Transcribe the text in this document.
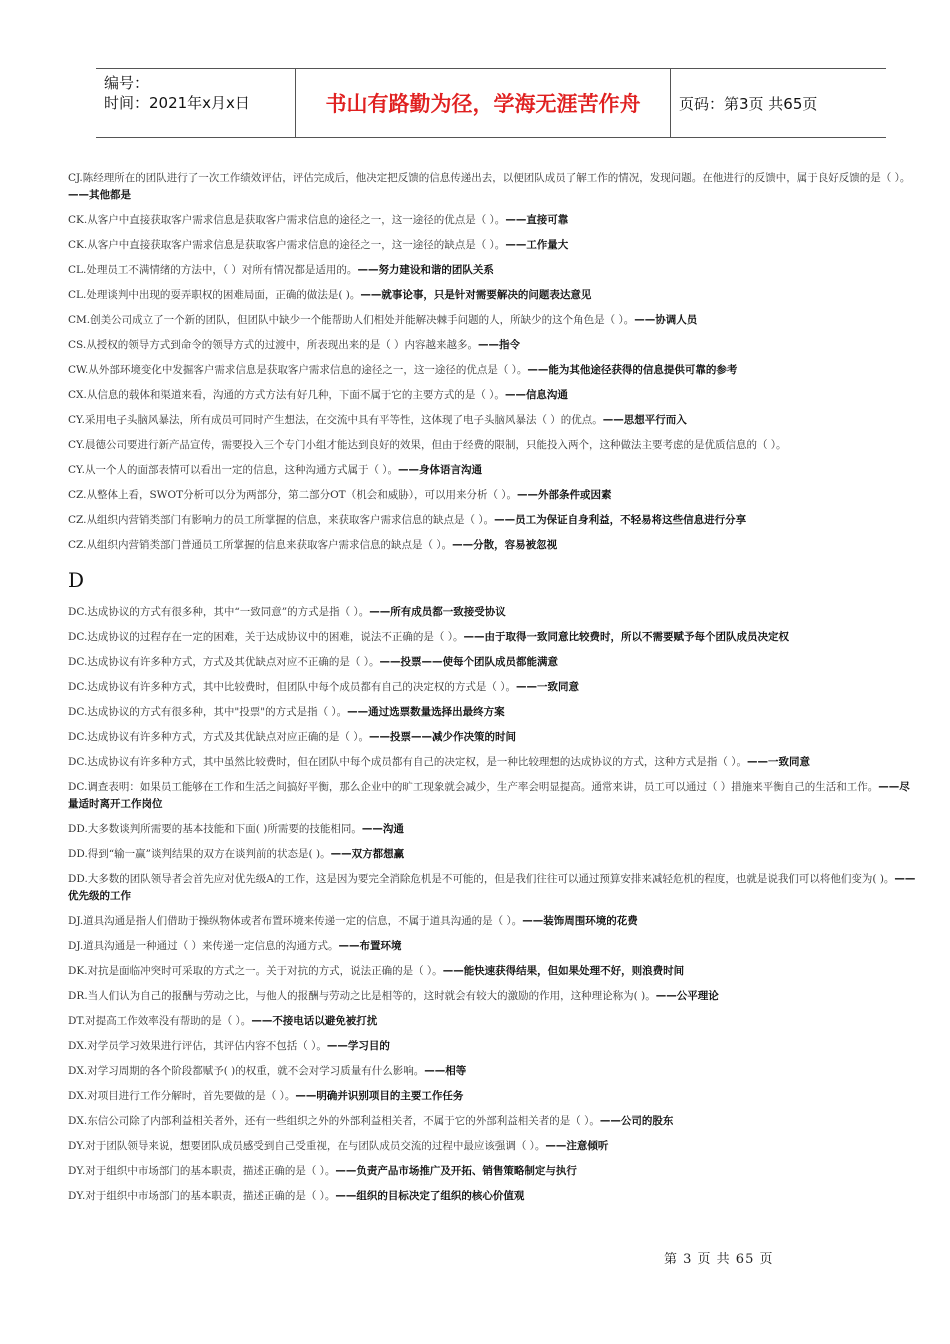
编号：
时间：2021年x月x日	书山有路勤为径，学海无涯苦作舟	页码：第3页 共65页
CJ.陈经理所在的团队进行了一次工作绩效评估，评估完成后，他决定把反馈的信息传递出去，以便团队成员了解工作的情况，发现问题。在他进行的反馈中，属于良好反馈的是（ ）。——其他都是
CK.从客户中直接获取客户需求信息是获取客户需求信息的途径之一，这一途径的优点是（ ）。——直接可靠
CK.从客户中直接获取客户需求信息是获取客户需求信息的途径之一，这一途径的缺点是（ ）。——工作量大
CL.处理员工不满情绪的方法中，（ ）对所有情况都是适用的。——努力建设和谐的团队关系
CL.处理谈判中出现的耍弄职权的困难局面，正确的做法是( )。——就事论事，只是针对需要解决的问题表达意见
CM.创美公司成立了一个新的团队，但团队中缺少一个能帮助人们相处并能解决棘手问题的人，所缺少的这个角色是（ ）。——协调人员
CS.从授权的领导方式到命令的领导方式的过渡中，所表现出来的是（ ）内容越来越多。——指令
CW.从外部环境变化中发掘客户需求信息是获取客户需求信息的途径之一，这一途径的优点是（ ）。——能为其他途径获得的信息提供可靠的参考
CX.从信息的载体和渠道来看，沟通的方式方法有好几种，下面不属于它的主要方式的是（ ）。——信息沟通
CY.采用电子头脑风暴法，所有成员可同时产生想法，在交流中具有平等性，这体现了电子头脑风暴法（ ）的优点。——思想平行而入
CY.晨德公司要进行新产品宣传，需要投入三个专门小组才能达到良好的效果，但由于经费的限制，只能投入两个，这种做法主要考虑的是优质信息的（ ）。
CY.从一个人的面部表情可以看出一定的信息，这种沟通方式属于（ ）。——身体语言沟通
CZ.从整体上看，SWOT分析可以分为两部分，第二部分OT（机会和威胁），可以用来分析（ ）。——外部条件或因素
CZ.从组织内营销类部门有影响力的员工所掌握的信息，来获取客户需求信息的缺点是（ ）。——员工为保证自身利益，不轻易将这些信息进行分享
CZ.从组织内营销类部门普通员工所掌握的信息来获取客户需求信息的缺点是（ ）。——分散，容易被忽视
D
DC.达成协议的方式有很多种，其中“一致同意”的方式是指（ ）。——所有成员都一致接受协议
DC.达成协议的过程存在一定的困难，关于达成协议中的困难，说法不正确的是（ ）。——由于取得一致同意比较费时，所以不需要赋予每个团队成员决定权
DC.达成协议有许多种方式，方式及其优缺点对应不正确的是（ ）。——投票——使每个团队成员都能满意
DC.达成协议有许多种方式，其中比较费时，但团队中每个成员都有自己的决定权的方式是（ ）。——一致同意
DC.达成协议的方式有很多种，其中"投票"的方式是指（ ）。——通过选票数量选择出最终方案
DC.达成协议有许多种方式，方式及其优缺点对应正确的是（ ）。——投票——减少作决策的时间
DC.达成协议有许多种方式，其中虽然比较费时，但在团队中每个成员都有自己的决定权，是一种比较理想的达成协议的方式，这种方式是指（ ）。——一致同意
DC.调查表明：如果员工能够在工作和生活之间搞好平衡，那么企业中的旷工现象就会减少，生产率会明显提高。通常来讲，员工可以通过（ ）措施来平衡自己的生活和工作。——尽量适时离开工作岗位
DD.大多数谈判所需要的基本技能和下面( )所需要的技能相同。——沟通
DD.得到“输一赢”谈判结果的双方在谈判前的状态是( )。——双方都想赢
DD.大多数的团队领导者会首先应对优先级A的工作，这是因为要完全消除危机是不可能的，但是我们往往可以通过预算安排来减轻危机的程度，也就是说我们可以将他们变为( )。——优先级的工作
DJ.道具沟通是指人们借助于操纵物体或者布置环境来传递一定的信息，不属于道具沟通的是（ ）。——装饰周围环境的花费
DJ.道具沟通是一种通过（ ）来传递一定信息的沟通方式。——布置环境
DK.对抗是面临冲突时可采取的方式之一。关于对抗的方式，说法正确的是（ ）。——能快速获得结果，但如果处理不好，则浪费时间
DR.当人们认为自己的报酬与劳动之比，与他人的报酬与劳动之比是相等的，这时就会有较大的激励的作用，这种理论称为( )。——公平理论
DT.对提高工作效率没有帮助的是（ ）。——不接电话以避免被打扰
DX.对学员学习效果进行评估，其评估内容不包括（ ）。——学习目的
DX.对学习周期的各个阶段都赋予( )的权重，就不会对学习质量有什么影响。——相等
DX.对项目进行工作分解时，首先要做的是（ ）。——明确并识别项目的主要工作任务
DX.东信公司除了内部利益相关者外，还有一些组织之外的外部利益相关者，不属于它的外部利益相关者的是（ ）。——公司的股东
DY.对于团队领导来说，想要团队成员感受到自己受重视，在与团队成员交流的过程中最应该强调（ ）。——注意倾听
DY.对于组织中市场部门的基本职责，描述正确的是（ ）。——负责产品市场推广及开拓、销售策略制定与执行
DY.对于组织中市场部门的基本职责，描述正确的是（ ）。——组织的目标决定了组织的核心价值观
第 3 页 共 65 页
